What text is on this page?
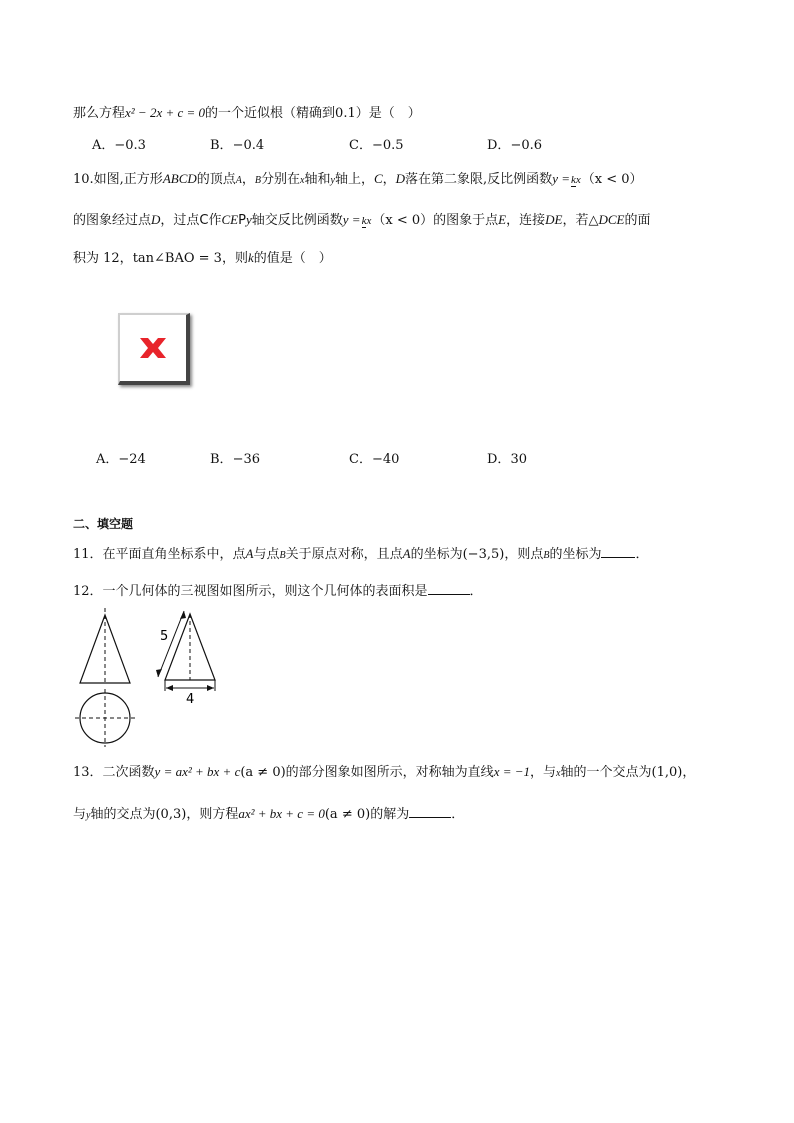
那么方程x² − 2x + c = 0的一个近似根（精确到0.1）是（　）
A．−0.3	B．−0.4	C．−0.5	D．−0.6
10.如图,正方形ABCD的顶点A，B分别在x轴和y轴上，C，D落在第二象限,反比例函数y =kx（x < 0）
的图象经过点D，过点C作CEPy轴交反比例函数y =kx（x < 0）的图象于点E，连接DE，若△DCE的面
积为 12，tan∠BAO = 3，则k的值是（　）
A．−24	B．−36	C．−40	D．30
二、填空题
11．在平面直角坐标系中，点A与点B关于原点对称，且点A的坐标为(−3,5)，则点B的坐标为	．
12．一个几何体的三视图如图所示，则这个几何体的表面积是	．
5
4
13．二次函数y = ax² + bx + c(a ≠ 0)的部分图象如图所示，对称轴为直线x = −1，与x轴的一个交点为(1,0)，
与y轴的交点为(0,3)，则方程ax² + bx + c = 0(a ≠ 0)的解为	．
